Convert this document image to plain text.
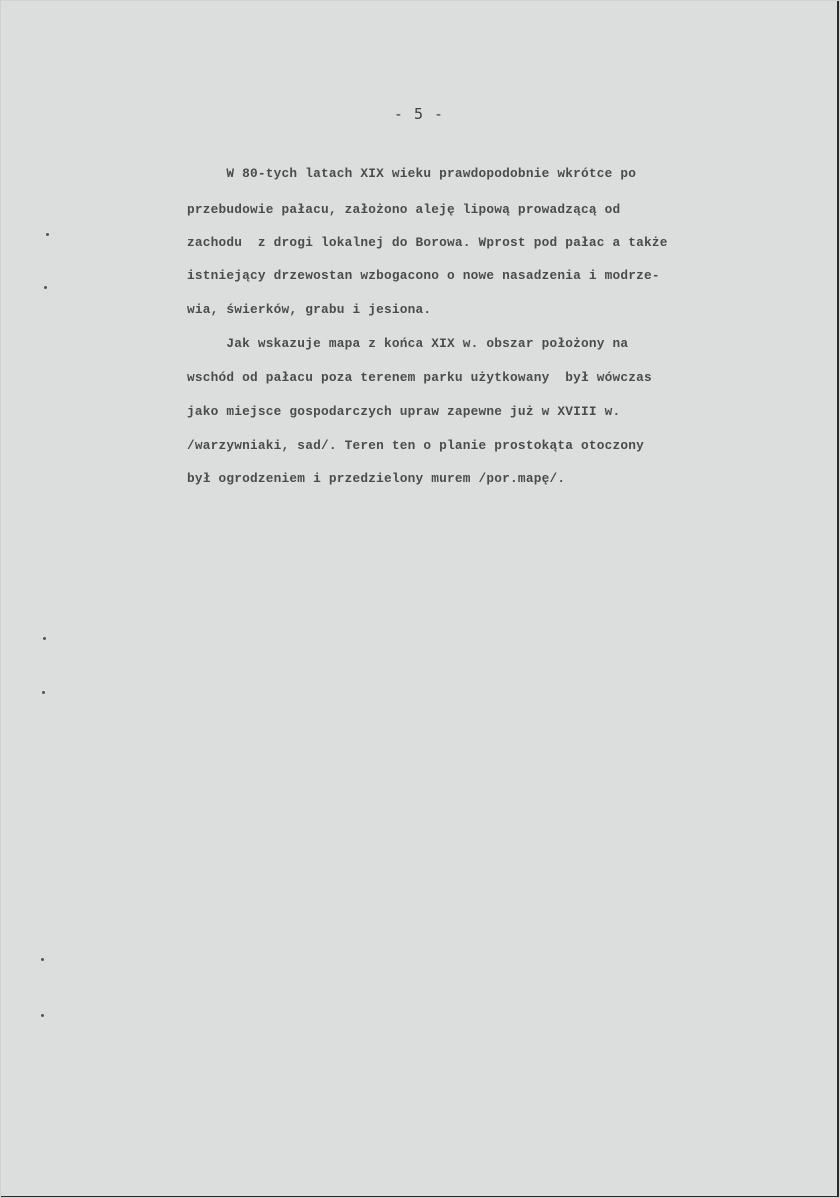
- 5 -
W 80-tych latach XIX wieku prawdopodobnie wkrótce po
przebudowie pałacu, założono aleję lipową prowadzącą od
zachodu  z drogi lokalnej do Borowa. Wprost pod pałac a także
istniejący drzewostan wzbogacono o nowe nasadzenia i modrze-
wia, świerków, grabu i jesiona.
Jak wskazuje mapa z końca XIX w. obszar położony na
wschód od pałacu poza terenem parku użytkowany  był wówczas
jako miejsce gospodarczych upraw zapewne już w XVIII w.
/warzywniaki, sad/. Teren ten o planie prostokąta otoczony
był ogrodzeniem i przedzielony murem /por.mapę/.
